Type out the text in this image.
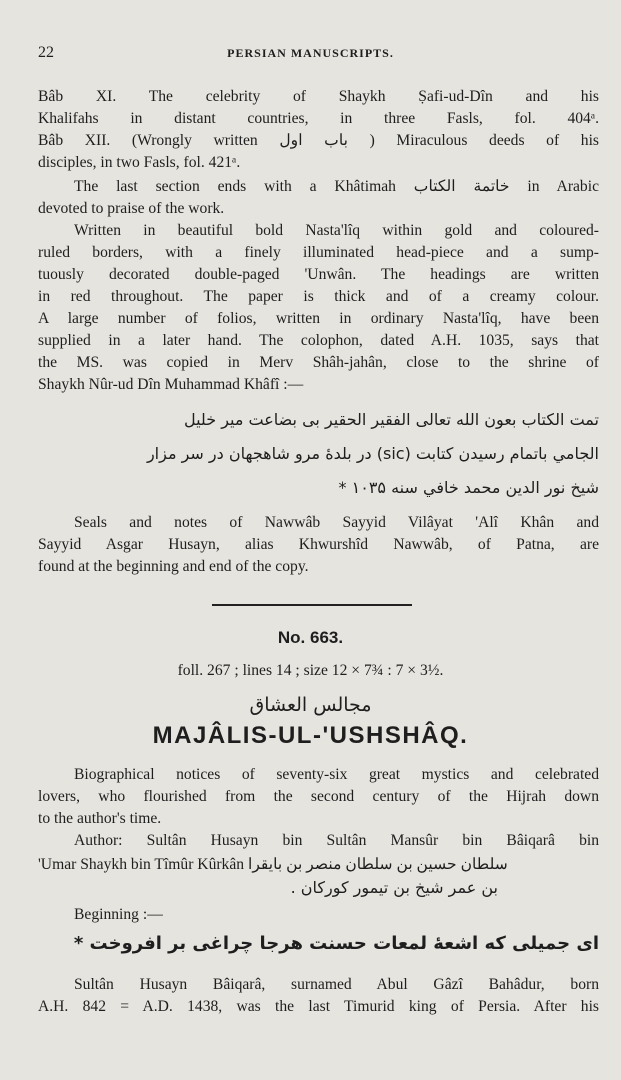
22	PERSIAN MANUSCRIPTS.
Bâb XI. The celebrity of Shaykh Ṣafi-ud-Dîn and his
Khalifahs in distant countries, in three Fasls, fol. 404ᵃ.
Bâb XII. (Wrongly written باب اول ) Miraculous deeds of his
disciples, in two Fasls, fol. 421ᵃ.
The last section ends with a Khâtimah خاتمة الكتاب in Arabic
devoted to praise of the work.
Written in beautiful bold Nasta'lîq within gold and coloured-
ruled borders, with a finely illuminated head-piece and a sump-
tuously decorated double-paged 'Unwân. The headings are written
in red throughout. The paper is thick and of a creamy colour.
A large number of folios, written in ordinary Nasta'lîq, have been
supplied in a later hand. The colophon, dated A.H. 1035, says that
the MS. was copied in Merv Shâh-jahân, close to the shrine of
Shaykh Nûr-ud Dîn Muhammad Khâfî :—
تمت الكتاب بعون الله تعالی الفقير الحقير بی بضاعت مير خليل
الجامي باتمام رسيدن كتابت (sic) در بلدهٔ مرو شاهجهان در سر مزار
شيخ نور الدين محمد خافي سنه ۱۰۳۵ *
Seals and notes of Nawwâb Sayyid Vilâyat 'Alî Khân and
Sayyid Asgar Husayn, alias Khwurshîd Nawwâb, of Patna, are
found at the beginning and end of the copy.
No. 663.
foll. 267 ; lines 14 ; size 12 × 7¾ : 7 × 3½.
مجالس العشاق
MAJÂLIS-UL-'USHSHÂQ.
Biographical notices of seventy-six great mystics and celebrated
lovers, who flourished from the second century of the Hijrah down
to the author's time.
Author: Sultân Husayn bin Sultân Mansûr bin Bâiqarâ bin
'Umar Shaykh bin Tîmûr Kûrkân سلطان حسين بن سلطان منصر بن بايقرا
بن عمر شيخ بن تيمور كوركان .
Beginning :—
ای جميلی كه اشعهٔ لمعات حسنت هرجا چراغی بر افروخت *
Sultân Husayn Bâiqarâ, surnamed Abul Gâzî Bahâdur, born
A.H. 842 = A.D. 1438, was the last Timurid king of Persia. After his
